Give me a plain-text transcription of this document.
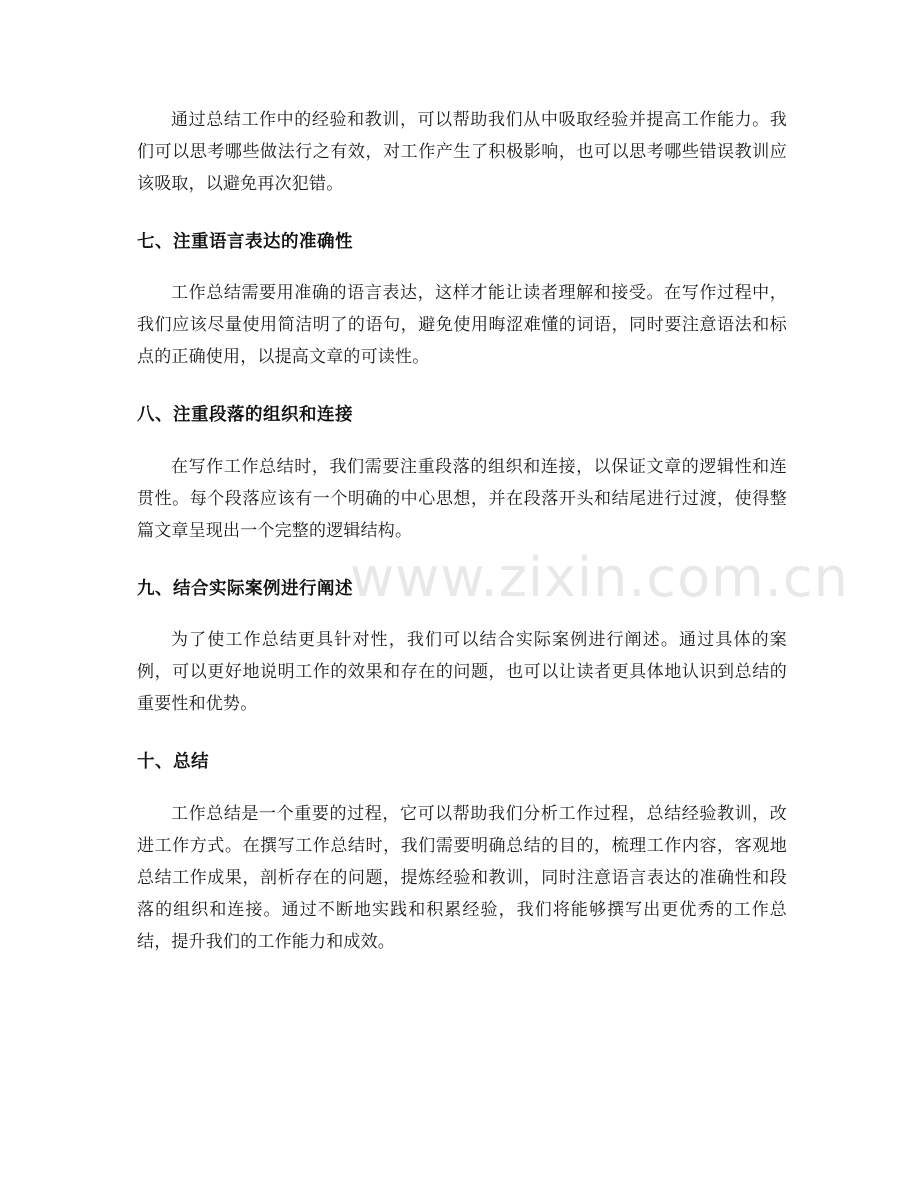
通过总结工作中的经验和教训，可以帮助我们从中吸取经验并提高工作能力。我们可以思考哪些做法行之有效，对工作产生了积极影响，也可以思考哪些错误教训应该吸取，以避免再次犯错。

七、注重语言表达的准确性

工作总结需要用准确的语言表达，这样才能让读者理解和接受。在写作过程中，我们应该尽量使用简洁明了的语句，避免使用晦涩难懂的词语，同时要注意语法和标点的正确使用，以提高文章的可读性。

八、注重段落的组织和连接

在写作工作总结时，我们需要注重段落的组织和连接，以保证文章的逻辑性和连贯性。每个段落应该有一个明确的中心思想，并在段落开头和结尾进行过渡，使得整篇文章呈现出一个完整的逻辑结构。

九、结合实际案例进行阐述

为了使工作总结更具针对性，我们可以结合实际案例进行阐述。通过具体的案例，可以更好地说明工作的效果和存在的问题，也可以让读者更具体地认识到总结的重要性和优势。

十、总结

工作总结是一个重要的过程，它可以帮助我们分析工作过程，总结经验教训，改进工作方式。在撰写工作总结时，我们需要明确总结的目的，梳理工作内容，客观地总结工作成果，剖析存在的问题，提炼经验和教训，同时注意语言表达的准确性和段落的组织和连接。通过不断地实践和积累经验，我们将能够撰写出更优秀的工作总结，提升我们的工作能力和成效。

www.zixin.com.cn
